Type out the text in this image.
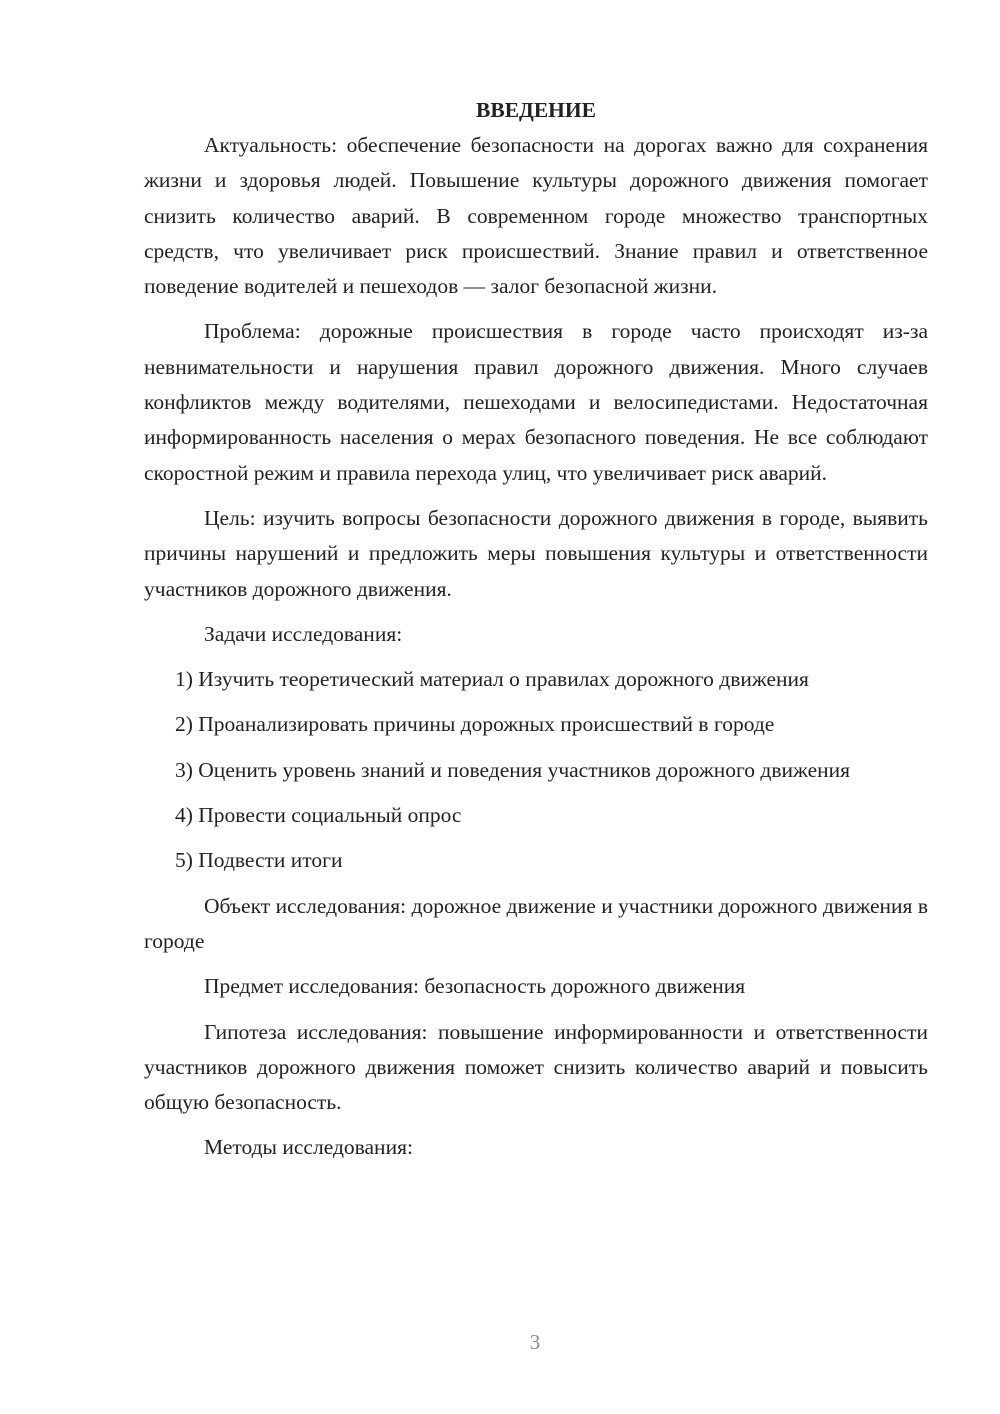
ВВЕДЕНИЕ

Актуальность: обеспечение безопасности на дорогах важно для сохранения жизни и здоровья людей. Повышение культуры дорожного движения помогает снизить количество аварий. В современном городе множество транспортных средств, что увеличивает риск происшествий. Знание правил и ответственное поведение водителей и пешеходов — залог безопасной жизни.

Проблема: дорожные происшествия в городе часто происходят из-за невнимательности и нарушения правил дорожного движения. Много случаев конфликтов между водителями, пешеходами и велосипедистами. Недостаточная информированность населения о мерах безопасного поведения. Не все соблюдают скоростной режим и правила перехода улиц, что увеличивает риск аварий.

Цель: изучить вопросы безопасности дорожного движения в городе, выявить причины нарушений и предложить меры повышения культуры и ответственности участников дорожного движения.

Задачи исследования:

1) Изучить теоретический материал о правилах дорожного движения

2) Проанализировать причины дорожных происшествий в городе

3) Оценить уровень знаний и поведения участников дорожного движения

4) Провести социальный опрос

5) Подвести итоги

Объект исследования: дорожное движение и участники дорожного движения в городе

Предмет исследования: безопасность дорожного движения

Гипотеза исследования: повышение информированности и ответственности участников дорожного движения поможет снизить количество аварий и повысить общую безопасность.

Методы исследования:

3
